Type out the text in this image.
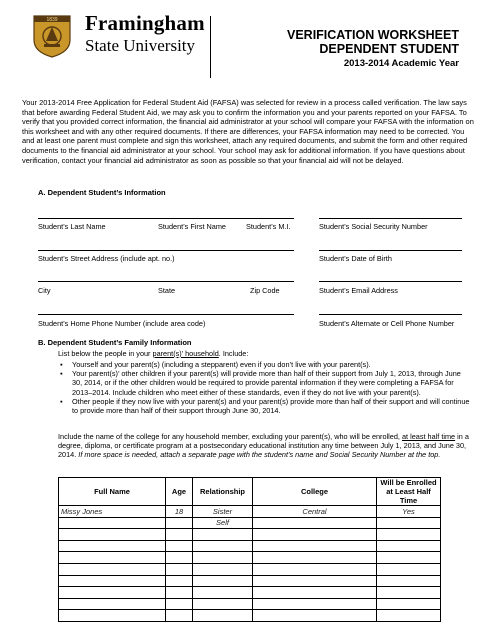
1839 Framingham
State University
VERIFICATION WORKSHEET
DEPENDENT STUDENT
2013-2014 Academic Year
Your 2013-2014 Free Application for Federal Student Aid (FAFSA) was selected for review in a process called verification. The law says that before awarding Federal Student Aid, we may ask you to confirm the information you and your parents reported on your FAFSA. To verify that you provided correct information, the financial aid administrator at your school will compare your FAFSA with the information on this worksheet and with any other required documents. If there are differences, your FAFSA information may need to be corrected. You and at least one parent must complete and sign this worksheet, attach any required documents, and submit the form and other required documents to the financial aid administrator at your school. Your school may ask for additional information. If you have questions about verification, contact your financial aid administrator as soon as possible so that your financial aid will not be delayed.
A. Dependent Student’s Information
Student’s Last Name	Student’s First Name	Student’s M.I.	Student’s Social Security Number
Student’s Street Address (include apt. no.)	Student’s Date of Birth
City	State	Zip Code	Student’s Email Address
Student’s Home Phone Number (include area code)	Student’s Alternate or Cell Phone Number
B. Dependent Student’s Family Information
List below the people in your parent(s)’ household. Include:
▪ Yourself and your parent(s) (including a stepparent) even if you don’t live with your parent(s).
▪ Your parent(s)’ other children if your parent(s) will provide more than half of their support from July 1, 2013, through June 30, 2014, or if the other children would be required to provide parental information if they were completing a FAFSA for 2013–2014. Include children who meet either of these standards, even if they do not live with your parent(s).
▪ Other people if they now live with your parent(s) and your parent(s) provide more than half of their support and will continue to provide more than half of their support through June 30, 2014.
Include the name of the college for any household member, excluding your parent(s), who will be enrolled, at least half time in a degree, diploma, or certificate program at a postsecondary educational institution any time between July 1, 2013, and June 30, 2014. If more space is needed, attach a separate page with the student’s name and Social Security Number at the top.
Full Name	Age	Relationship	College	Will be Enrolled at Least Half Time
Missy Jones	18	Sister	Central	Yes
		Self		
